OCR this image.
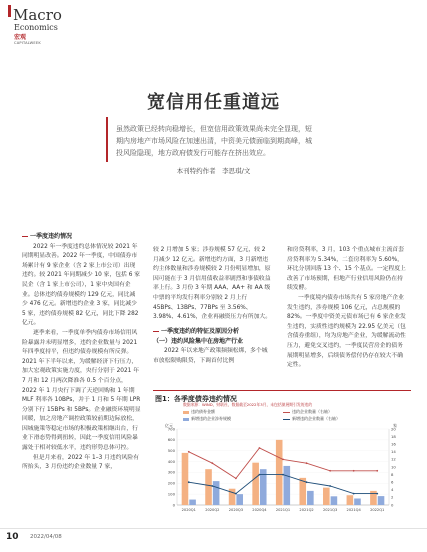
Macro
Economics
宏观
CAPITALWEEK
宽信用任重道远
虽然政策已经转向稳增长，但宽信用政策效果尚未完全显现，短期内房地产市场风险在加速出清，中资美元债面临到期高峰，城投风险隐现，地方政府债发行可能存在挤出效应。
本刊特约作者　李思琪/文
一季度违约情况

2022 年一季度违约总体情况较 2021 年同期明显改善。2022 年一季度，中国债券市场累计有 9 家企业（含 2 家上市公司）出现违约。较 2021 年同期减少 10 家，包括 6 家民企（含 1 家上市公司），1 家中央国有企业。总体违约债券规模约 129 亿元，同比减少 476 亿元。新增违约企业 3 家，同比减少 5 家，违约债券规模 82 亿元，同比下降 282 亿元。

逐季来看，一季度单季内债券市场信用风险暴露并未明显增多，违约企业数量与 2021 年四季度持平，但违约债券规模有所反弹。2021 年下半年以来，为缓解经济下行压力，加大宏观政策实施力度，央行分别于 2021 年 7 月和 12 月两次降准各 0.5 个百分点，2022 年 1 月央行下调了天逆回购和 1 年期 MLF 利率各 10BPs，并于 1 月和 5 年期 LPR 分别下行 15BPs 和 5BPs。企业融资环境明显回暖，加之房地产调控政策较前期边际放松，因城施策等稳定市场的积极政策相继出台，行业下滑态势得到扭转，因此一季度信用风险暴露处于相对较低水平，违约形势总体可控。

但是月来看，2022 年 1–3 月违约风险有所抬头，3 月份违约企业数量 7 家，

较 2 月增加 5 家；涉券规模 57 亿元，较 2 月减少 12 亿元。新增违约方面，3 月新增违约主体数量和涉券规模较 2 月份明显增加，原因可能在于 3 月信用债收益率剧烈和事债收益率上行。3 月份 3 年期 AAA、AA+ 和 AA 级中票的平均发行利率分别较 2 月上行 45BPs、13BPs、77BPs 至 3.56%、3.98%、4.61%，企业再融资压力有所加大。

一季度违约的特征及原因分析
（一）违约风险集中在房地产行业

2022 年以来地产政策频频松绑，多个城市放松限购限贷，下调首付比例

和房贷利率，3 月，103 个重点城市主流首套房贷利率为 5.34%，二套房利率为 5.60%，环比分别回落 13 个、15 个基点。一定程度上改善了市场预期，但地产行业信用风险仍在持续发酵。

一季度境内债券市场共有 5 家房地产企业发生违约，涉券规模 106 亿元，占总规模的 82%。一季度中资美元债市场已有 6 家企业发生违约，实质性违约规模为 22.95 亿美元（包含债券重组），均为房地产企业，为缓解流动性压力，避免交叉违约，一季度民营房企的债务展期明显增多，后续债务偿付仍存在较大不确定性。

图1：各季度债券违约情况
数据来源：WIND，财联社，数据截至2022年3月，未包括债展期引发的违约
违约债券金额	违约企业数量（右轴）
新增违约企业涉券规模	新增违约企业数量（右轴）
亿元	家
0
100
200
300
400
500
600
700
0
2
4
6
8
10
12
14
16
18
20
2020Q1	2020Q2	2020Q3	2020Q4	2021Q1	2021Q2	2021Q3	2021Q4	2022Q1
10 2022/04/08
